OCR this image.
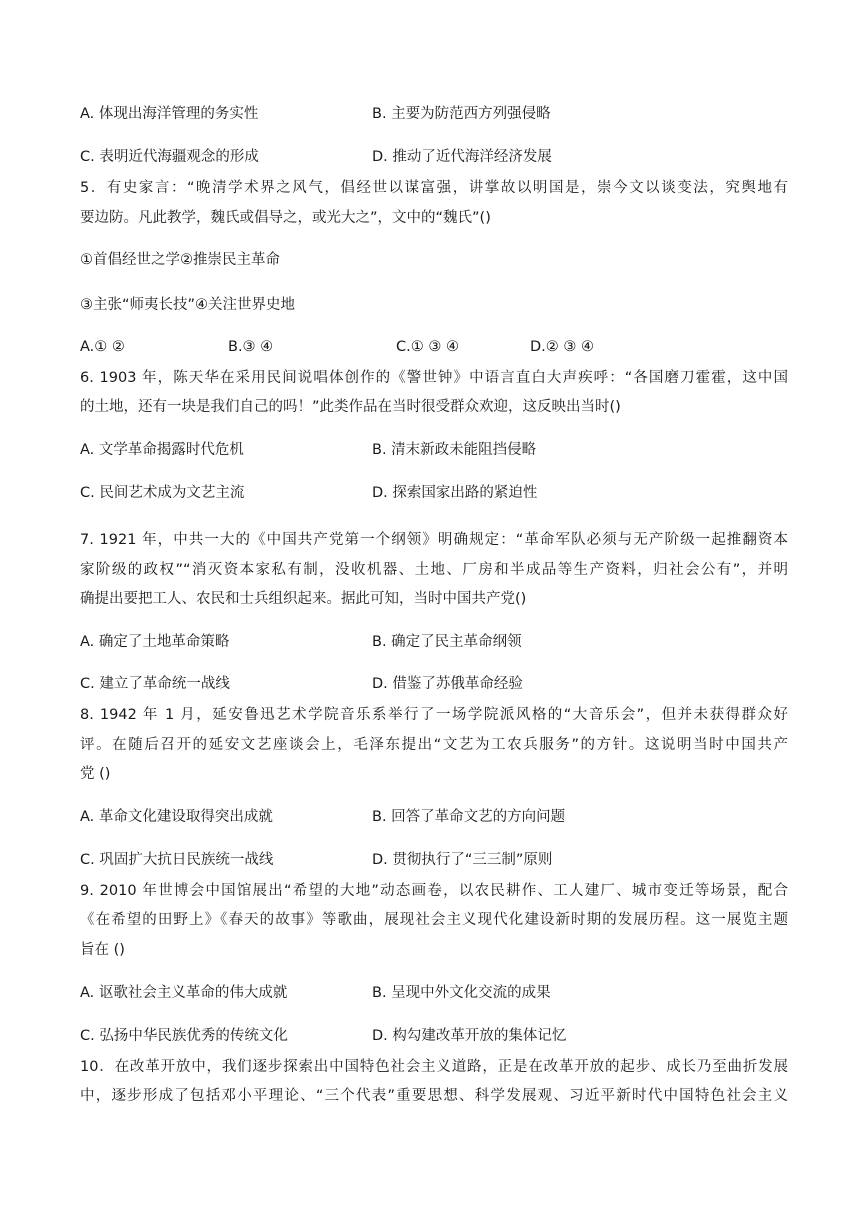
A. 体现出海洋管理的务实性	B. 主要为防范西方列强侵略
C. 表明近代海疆观念的形成	D. 推动了近代海洋经济发展
5．有史家言：“晚清学术界之风气，倡经世以谋富强，讲掌故以明国是，崇今文以谈变法，究舆地有
要边防。凡此教学，魏氏或倡导之，或光大之”，文中的“魏氏”()
①首倡经世之学②推崇民主革命
③主张“师夷长技”④关注世界史地
A.① ②	B.③ ④	C.① ③ ④	D.② ③ ④
6. 1903 年，陈天华在采用民间说唱体创作的《警世钟》中语言直白大声疾呼：“各国磨刀霍霍，这中国
的土地，还有一块是我们自己的吗！”此类作品在当时很受群众欢迎，这反映出当时()
A. 文学革命揭露时代危机	B. 清末新政未能阻挡侵略
C. 民间艺术成为文艺主流	D. 探索国家出路的紧迫性
7. 1921 年，中共一大的《中国共产党第一个纲领》明确规定：“革命军队必须与无产阶级一起推翻资本
家阶级的政权”“消灭资本家私有制，没收机器、土地、厂房和半成品等生产资料，归社会公有”，并明
确提出要把工人、农民和士兵组织起来。据此可知，当时中国共产党()
A. 确定了土地革命策略	B. 确定了民主革命纲领
C. 建立了革命统一战线	D. 借鉴了苏俄革命经验
8. 1942 年 1 月，延安鲁迅艺术学院音乐系举行了一场学院派风格的“大音乐会”，但并未获得群众好
评。在随后召开的延安文艺座谈会上，毛泽东提出“文艺为工农兵服务”的方针。这说明当时中国共产
党 ()
A. 革命文化建设取得突出成就	B. 回答了革命文艺的方向问题
C. 巩固扩大抗日民族统一战线	D. 贯彻执行了“三三制”原则
9. 2010 年世博会中国馆展出“希望的大地”动态画卷，以农民耕作、工人建厂、城市变迁等场景，配合
《在希望的田野上》《春天的故事》等歌曲，展现社会主义现代化建设新时期的发展历程。这一展览主题
旨在 ()
A. 讴歌社会主义革命的伟大成就	B. 呈现中外文化交流的成果
C. 弘扬中华民族优秀的传统文化	D. 构勾建改革开放的集体记忆
10．在改革开放中，我们逐步探索出中国特色社会主义道路，正是在改革开放的起步、成长乃至曲折发展
中，逐步形成了包括邓小平理论、“三个代表”重要思想、科学发展观、习近平新时代中国特色社会主义
